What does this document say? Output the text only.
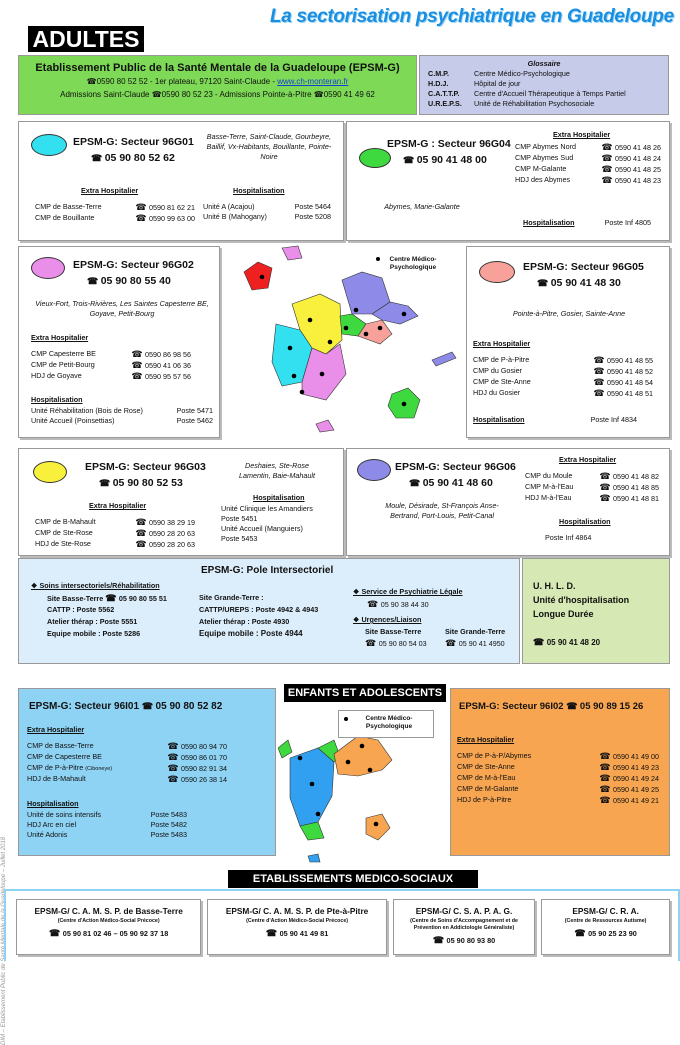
ADULTES
La sectorisation psychiatrique en Guadeloupe
Etablissement Public de la Santé Mentale de la Guadeloupe (EPSM-G)
☎0590 80 52 52 - 1er plateau, 97120 Saint-Claude - www.ch-monteran.fr
Admissions Saint-Claude ☎0590 80 52 23 - Admissions Pointe-à-Pitre ☎0590 41 49 62
Glossaire
C.M.P.	Centre Médico-Psychologique
H.D.J.	Hôpital de jour
C.A.T.T.P.	Centre d'Accueil Thérapeutique à Temps Partiel
U.R.E.P.S.	Unité de Réhabilitation Psychosociale
EPSM-G: Secteur 96G01
☎ 05 90 80 52 62
Basse-Terre, Saint-Claude, Gourbeyre, Baillif, Vx-Habitants, Bouillante, Pointe-Noire
Extra Hospitalier	Hospitalisation
CMP de Basse-Terre	☎ 0590 81 62 21
CMP de Bouillante	☎ 0590 99 63 00
Unité A (Acajou)	Poste 5464
Unité B (Mahogany)	Poste 5208
EPSM-G : Secteur 96G04
☎ 05 90 41 48 00
Abymes, Marie-Galante
Extra Hospitalier
CMP Abymes Nord	☎ 0590 41 48 26
CMP Abymes Sud	☎ 0590 41 48 24
CMP M-Galante	☎ 0590 41 48 25
HDJ des Abymes	☎ 0590 41 48 23
Hospitalisation	Poste Inf 4805
EPSM-G: Secteur 96G02
☎ 05 90 80 55 40
Vieux-Fort, Trois-Rivières, Les Saintes Capesterre BE, Goyave, Petit-Bourg
Extra Hospitalier
CMP Capesterre BE	☎ 0590 86 98 56
CMP de Petit-Bourg	☎ 0590 41 06 36
HDJ de Goyave	☎ 0590 95 57 56
Hospitalisation
Unité Réhabilitation (Bois de Rose)	Poste 5471
Unité Accueil (Poinsettias)	Poste 5462
Centre Médico-Psychologique	EPSM-G: Secteur 96G05
☎ 05 90 41 48 30
Pointe-à-Pitre, Gosier, Sainte-Anne
Extra Hospitalier
CMP de P-à-Pitre	☎ 0590 41 48 55
CMP du Gosier	☎ 0590 41 48 52
CMP de Ste-Anne	☎ 0590 41 48 54
HDJ du Gosier	☎ 0590 41 48 51
Hospitalisation	Poste Inf 4834
EPSM-G: Secteur 96G03
☎ 05 90 80 52 53
Deshaies, Ste-Rose Lamentin, Baie-Mahault
Extra Hospitalier
CMP de B-Mahault	☎ 0590 38 29 19
CMP de Ste-Rose	☎ 0590 28 20 63
HDJ de Ste-Rose	☎ 0590 28 20 63
Hospitalisation
Unité Clinique les Amandiers
Poste 5451
Unité Accueil (Manguiers)
Poste 5453
EPSM-G: Secteur 96G06
☎ 05 90 41 48 60
Moule, Désirade, St-François Anse-Bertrand, Port-Louis, Petit-Canal
Extra Hospitalier
CMP du Moule	☎ 0590 41 48 82
CMP M-à-l'Eau	☎ 0590 41 48 85
HDJ M-à-l'Eau	☎ 0590 41 48 81
Hospitalisation
Poste Inf 4864
EPSM-G: Pole Intersectoriel
❖ Soins intersectoriels/Réhabilitation
Site Basse-Terre ☎ 05 90 80 55 51	Site Grande-Terre :
CATTP : Poste 5562	CATTP/UREPS : Poste 4942 & 4943
Atelier thérap : Poste 5551	Atelier thérap : Poste 4930
Equipe mobile : Poste 5286	Equipe mobile : Poste 4944
❖ Service de Psychiatrie Légale
☎ 05 90 38 44 30
❖ Urgences/Liaison
Site Basse-Terre	Site Grande-Terre
☎ 05 90 80 54 03	☎ 05 90 41 4950
U. H. L. D.
Unité d'hospitalisation
Longue Durée
☎ 05 90 41 48 20
DIM – Etablissement Public de Santé Mentale de la Guadeloupe – Juillet 2018
ENFANTS ET ADOLESCENTS
EPSM-G: Secteur 96I01 ☎ 05 90 80 52 82
Extra Hospitalier
CMP de Basse-Terre	☎ 0590 80 94 70
CMP de Capesterre BE	☎ 0590 86 01 70
CMP de P-à-Pitre (Ciboneye)	☎ 0590 82 91 34
HDJ de B-Mahault	☎ 0590 26 38 14
Hospitalisation
Unité de soins intensifs	Poste 5483
HDJ Arc en ciel	Poste 5482
Unité Adonis	Poste 5483
Centre Médico-Psychologique
EPSM-G: Secteur 96I02 ☎ 05 90 89 15 26
Extra Hospitalier
CMP de P-à-P/Abymes	☎ 0590 41 49 00
CMP de Ste-Anne	☎ 0590 41 49 23
CMP de M-à-l'Eau	☎ 0590 41 49 24
CMP de M-Galante	☎ 0590 41 49 25
HDJ de P-à-Pitre	☎ 0590 41 49 21
ETABLISSEMENTS MEDICO-SOCIAUX
EPSM-G/ C. A. M. S. P. de Basse-Terre
(Centre d'Action Médico-Social Précoce)
☎ 05 90 81 02 46 – 05 90 92 37 18
EPSM-G/ C. A. M. S. P. de Pte-à-Pitre
(Centre d'Action Médico-Social Précoce)
☎ 05 90 41 49 81
EPSM-G/ C. S. A. P. A. G.
(Centre de Soins d'Accompagnement et de Prévention en Addictologie Généraliste)
☎ 05 90 80 93 80
EPSM-G/ C. R. A.
(Centre de Ressources Autisme)
☎ 05 90 25 23 90
